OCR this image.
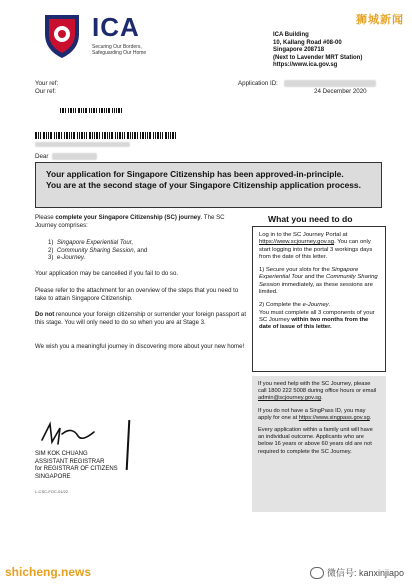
狮城新闻
shicheng.news	微信号: kanxinjiapo
ICA
Securing Our Borders,
Safeguarding Our Home
ICA Building
10, Kallang Road #08-00
Singapore 208718
(Next to Lavender MRT Station)
https://www.ica.gov.sg
Your ref:
Our ref:
Application ID:
24 December 2020
Dear
Your application for Singapore Citizenship has been approved-in-principle.
You are at the second stage of your Singapore Citizenship application process.
Please complete your Singapore Citizenship (SC) journey. The SC Journey comprises:
1)  Singapore Experiential Tour,
2)  Community Sharing Session, and
3)  e-Journey.
Your application may be cancelled if you fail to do so.
Please refer to the attachment for an overview of the steps that you need to take to attain Singapore Citizenship.
Do not renounce your foreign citizenship or surrender your foreign passport at this stage. You will only need to do so when you are at Stage 3.
We wish you a meaningful journey in discovering more about your new home!
SIM KOK CHUANG
ASSISTANT REGISTRAR
for REGISTRAR OF CITIZENS
SINGAPORE
L-CSC-FOC-01/22
What you need to do
Log in to the SC Journey Portal at https://www.scjourney.gov.sg. You can only start logging into the portal 3 workings days from the date of this letter.
1) Secure your slots for the Singapore Experiential Tour and the Community Sharing Session immediately, as these sessions are limited.
2) Complete the e-Journey.
You must complete all 3 components of your SC Journey within two months from the date of issue of this letter.
If you need help with the SC Journey, please call 1800 222 5008 during office hours or email admin@scjourney.gov.sg.
If you do not have a SingPass ID, you may apply for one at https://www.singpass.gov.sg.
Every application within a family unit will have an individual outcome. Applicants who are below 16 years or above 60 years old are not required to complete the SC Journey.
